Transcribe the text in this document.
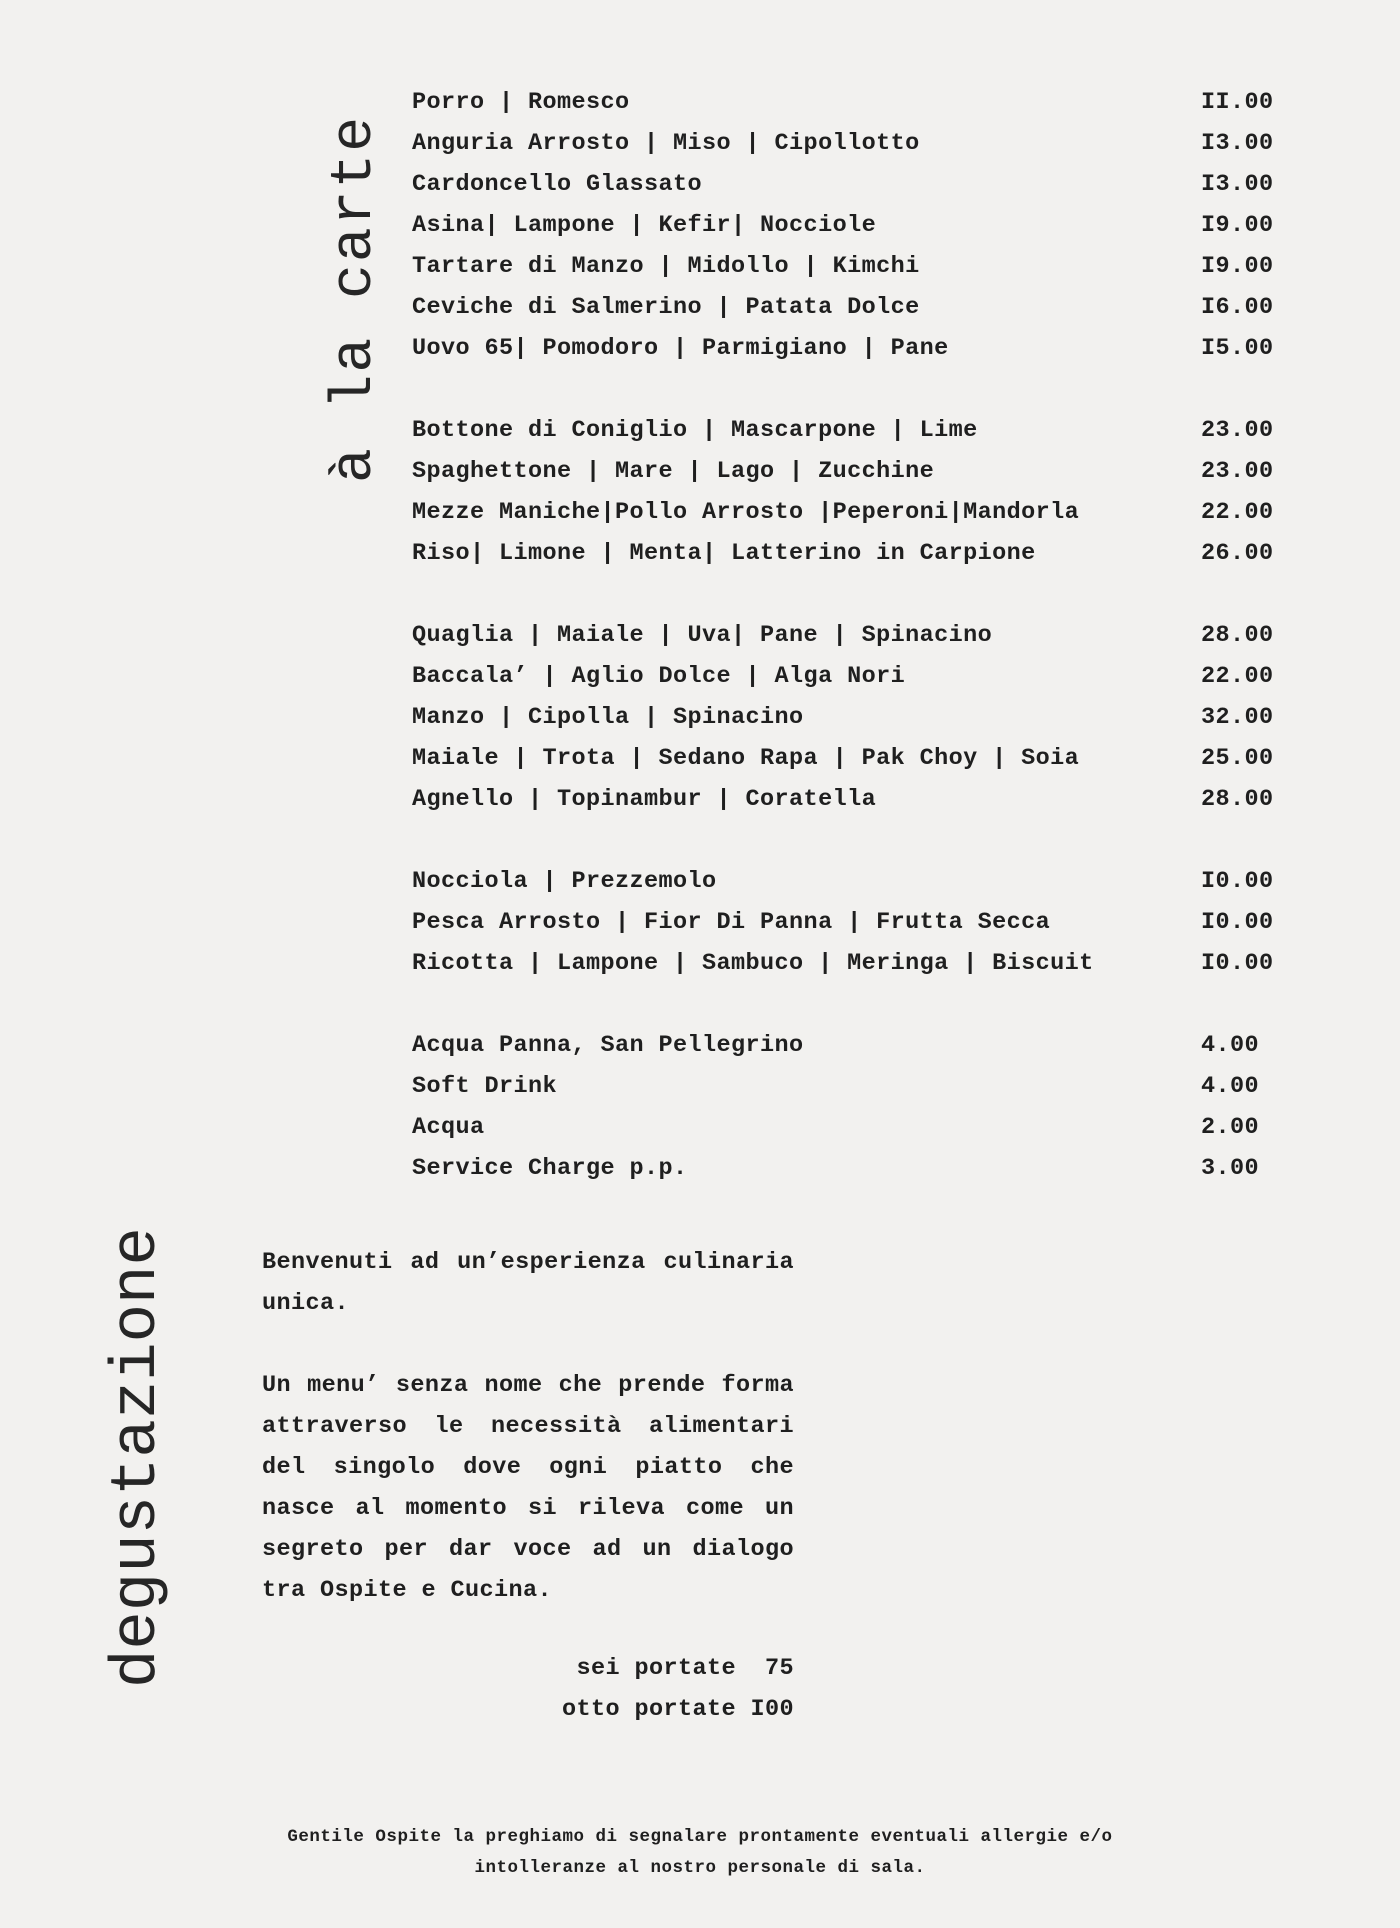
à la carte
Porro | Romesco	II.00
Anguria Arrosto | Miso | Cipollotto	I3.00
Cardoncello Glassato	I3.00
Asina| Lampone | Kefir| Nocciole	I9.00
Tartare di Manzo | Midollo | Kimchi	I9.00
Ceviche di Salmerino | Patata Dolce	I6.00
Uovo 65| Pomodoro | Parmigiano | Pane	I5.00
Bottone di Coniglio | Mascarpone | Lime	23.00
Spaghettone | Mare | Lago | Zucchine	23.00
Mezze Maniche|Pollo Arrosto |Peperoni|Mandorla	22.00
Riso| Limone | Menta| Latterino in Carpione	26.00
Quaglia | Maiale | Uva| Pane | Spinacino	28.00
Baccala’ | Aglio Dolce | Alga Nori	22.00
Manzo | Cipolla | Spinacino	32.00
Maiale | Trota | Sedano Rapa | Pak Choy | Soia	25.00
Agnello | Topinambur | Coratella	28.00
Nocciola | Prezzemolo	I0.00
Pesca Arrosto | Fior Di Panna | Frutta Secca	I0.00
Ricotta | Lampone | Sambuco | Meringa | Biscuit	I0.00
Acqua Panna, San Pellegrino	4.00
Soft Drink	4.00
Acqua	2.00
Service Charge p.p.	3.00
degustazione	Benvenuti ad un’esperienza culinaria unica.

Un menu’ senza nome che prende forma attraverso le necessità alimentari del singolo dove ogni piatto che nasce al momento si rileva come un segreto per dar voce ad un dialogo tra Ospite e Cucina.

sei portate  75
otto portate I00
Gentile Ospite la preghiamo di segnalare prontamente eventuali allergie e/o
intolleranze al nostro personale di sala.
